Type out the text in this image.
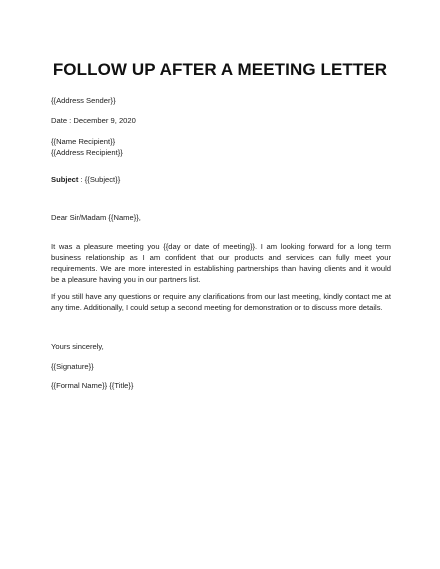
FOLLOW UP AFTER A MEETING LETTER
{{Address Sender}}
Date : December 9, 2020
{{Name Recipient}}
{{Address Recipient}}
Subject : {{Subject}}
Dear Sir/Madam {{Name}},
It was a pleasure meeting you {{day or date of meeting}}. I am looking forward for a long term business relationship as I am confident that our products and services can fully meet your requirements. We are more interested in establishing partnerships than having clients and it would be a pleasure having you in our partners list.
If you still have any questions or require any clarifications from our last meeting, kindly contact me at any time. Additionally, I could setup a second meeting for demonstration or to discuss more details.
Yours sincerely,
{{Signature}}
{{Formal Name}} {{Title}}
